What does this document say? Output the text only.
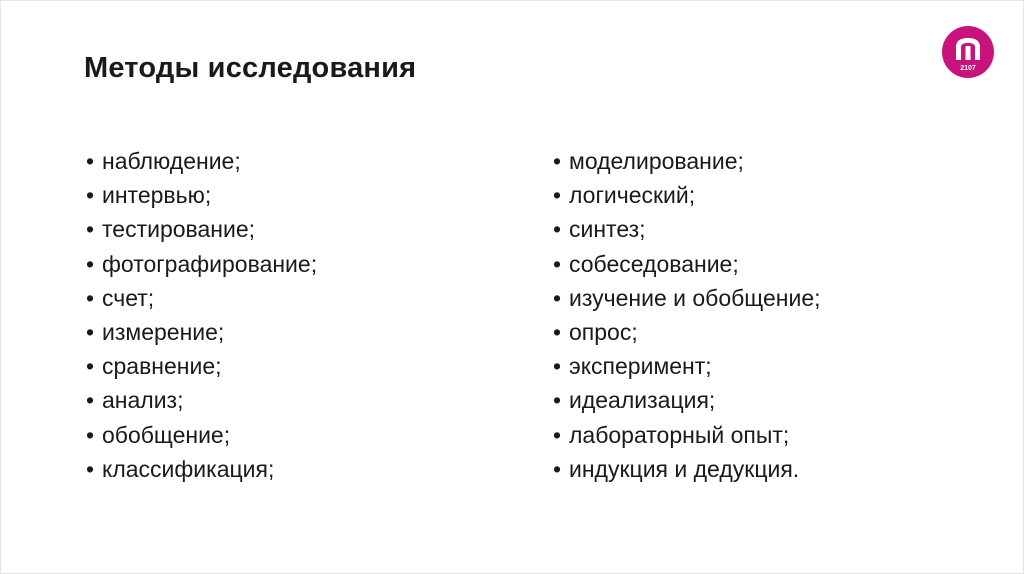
Методы исследования
• наблюдение;
• интервью;
• тестирование;
• фотографирование;
• счет;
• измерение;
• сравнение;
• анализ;
• обобщение;
• классификация;
• моделирование;
• логический;
• синтез;
• собеседование;
• изучение и обобщение;
• опрос;
• эксперимент;
• идеализация;
• лабораторный опыт;
• индукция и дедукция.
2107
